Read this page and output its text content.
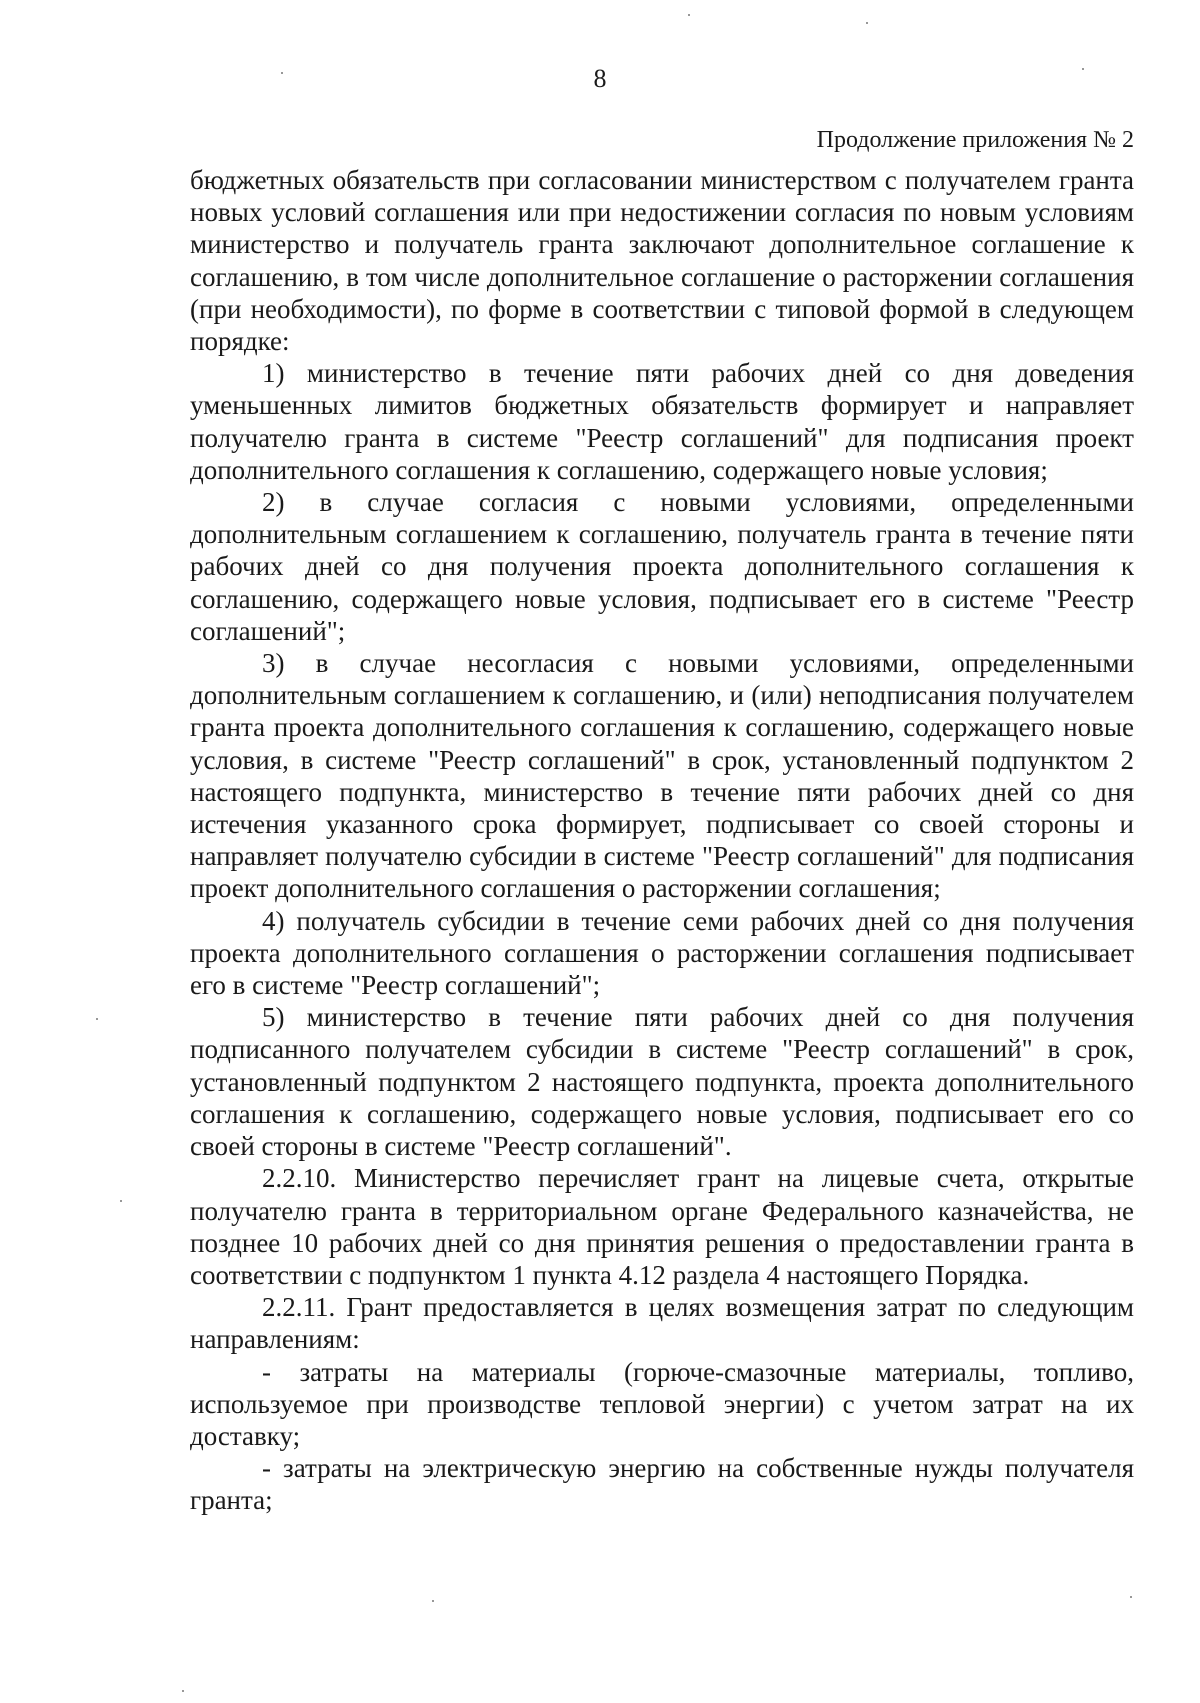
8
Продолжение приложения № 2

бюджетных обязательств при согласовании министерством с получателем гранта новых условий соглашения или при недостижении согласия по новым условиям министерство и получатель гранта заключают дополнительное соглашение к соглашению, в том числе дополнительное соглашение о расторжении соглашения (при необходимости), по форме в соответствии с типовой формой в следующем порядке:

1) министерство в течение пяти рабочих дней со дня доведения уменьшенных лимитов бюджетных обязательств формирует и направляет получателю гранта в системе "Реестр соглашений" для подписания проект дополнительного соглашения к соглашению, содержащего новые условия;

2) в случае согласия с новыми условиями, определенными дополнительным соглашением к соглашению, получатель гранта в течение пяти рабочих дней со дня получения проекта дополнительного соглашения к соглашению, содержащего новые условия, подписывает его в системе "Реестр соглашений";

3) в случае несогласия с новыми условиями, определенными дополнительным соглашением к соглашению, и (или) неподписания получателем гранта проекта дополнительного соглашения к соглашению, содержащего новые условия, в системе "Реестр соглашений" в срок, установленный подпунктом 2 настоящего подпункта, министерство в течение пяти рабочих дней со дня истечения указанного срока формирует, подписывает со своей стороны и направляет получателю субсидии в системе "Реестр соглашений" для подписания проект дополнительного соглашения о расторжении соглашения;

4) получатель субсидии в течение семи рабочих дней со дня получения проекта дополнительного соглашения о расторжении соглашения подписывает его в системе "Реестр соглашений";

5) министерство в течение пяти рабочих дней со дня получения подписанного получателем субсидии в системе "Реестр соглашений" в срок, установленный подпунктом 2 настоящего подпункта, проекта дополнительного соглашения к соглашению, содержащего новые условия, подписывает его со своей стороны в системе "Реестр соглашений".

2.2.10. Министерство перечисляет грант на лицевые счета, открытые получателю гранта в территориальном органе Федерального казначейства, не позднее 10 рабочих дней со дня принятия решения о предоставлении гранта в соответствии с подпунктом 1 пункта 4.12 раздела 4 настоящего Порядка.

2.2.11. Грант предоставляется в целях возмещения затрат по следующим направлениям:

- затраты на материалы (горюче-смазочные материалы, топливо, используемое при производстве тепловой энергии) с учетом затрат на их доставку;

- затраты на электрическую энергию на собственные нужды получателя гранта;
